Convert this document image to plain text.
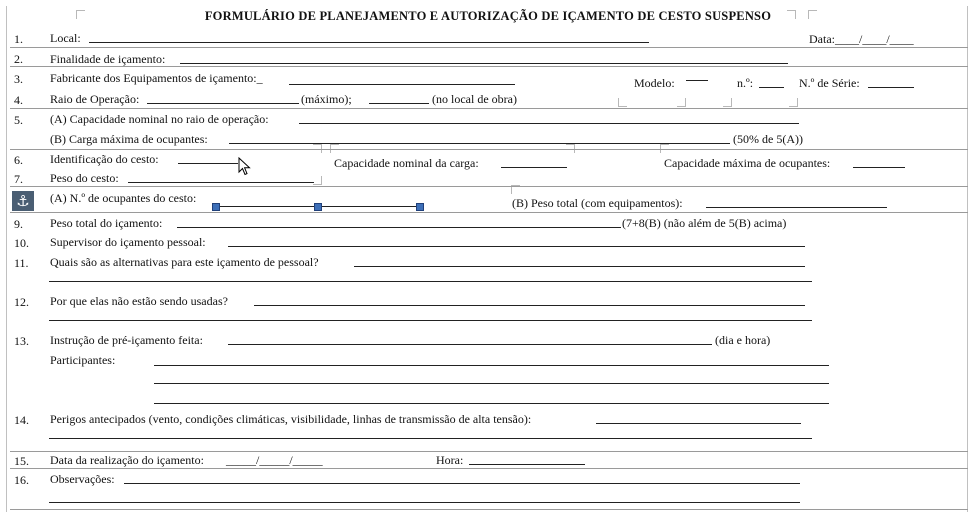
FORMULÁRIO DE PLANEJAMENTO E AUTORIZAÇÃO DE IÇAMENTO DE CESTO SUSPENSO
1. Local:	Data:____/____/____
2. Finalidade de içamento:
3. Fabricante dos Equipamentos de içamento:_	Modelo:	n.º:	N.º de Série:
4. Raio de Operação:	(máximo);	(no local de obra)
5. (A) Capacidade nominal no raio de operação:
(B) Carga máxima de ocupantes:	(50% de 5(A))
6. Identificação do cesto:	Capacidade nominal da carga:	Capacidade máxima de ocupantes:
7. Peso do cesto:
⚓	(A) N.º de ocupantes do cesto:	(B) Peso total (com equipamentos):
9. Peso total do içamento:	(7+8(B) (não além de 5(B) acima)
10. Supervisor do içamento pessoal:
11. Quais são as alternativas para este içamento de pessoal?
12. Por que elas não estão sendo usadas?
13. Instrução de pré-içamento feita:	(dia e hora)
Participantes:
14. Perigos antecipados (vento, condições climáticas, visibilidade, linhas de transmissão de alta tensão):
15. Data da realização do içamento: _____/_____/_____	Hora:
16. Observações:
